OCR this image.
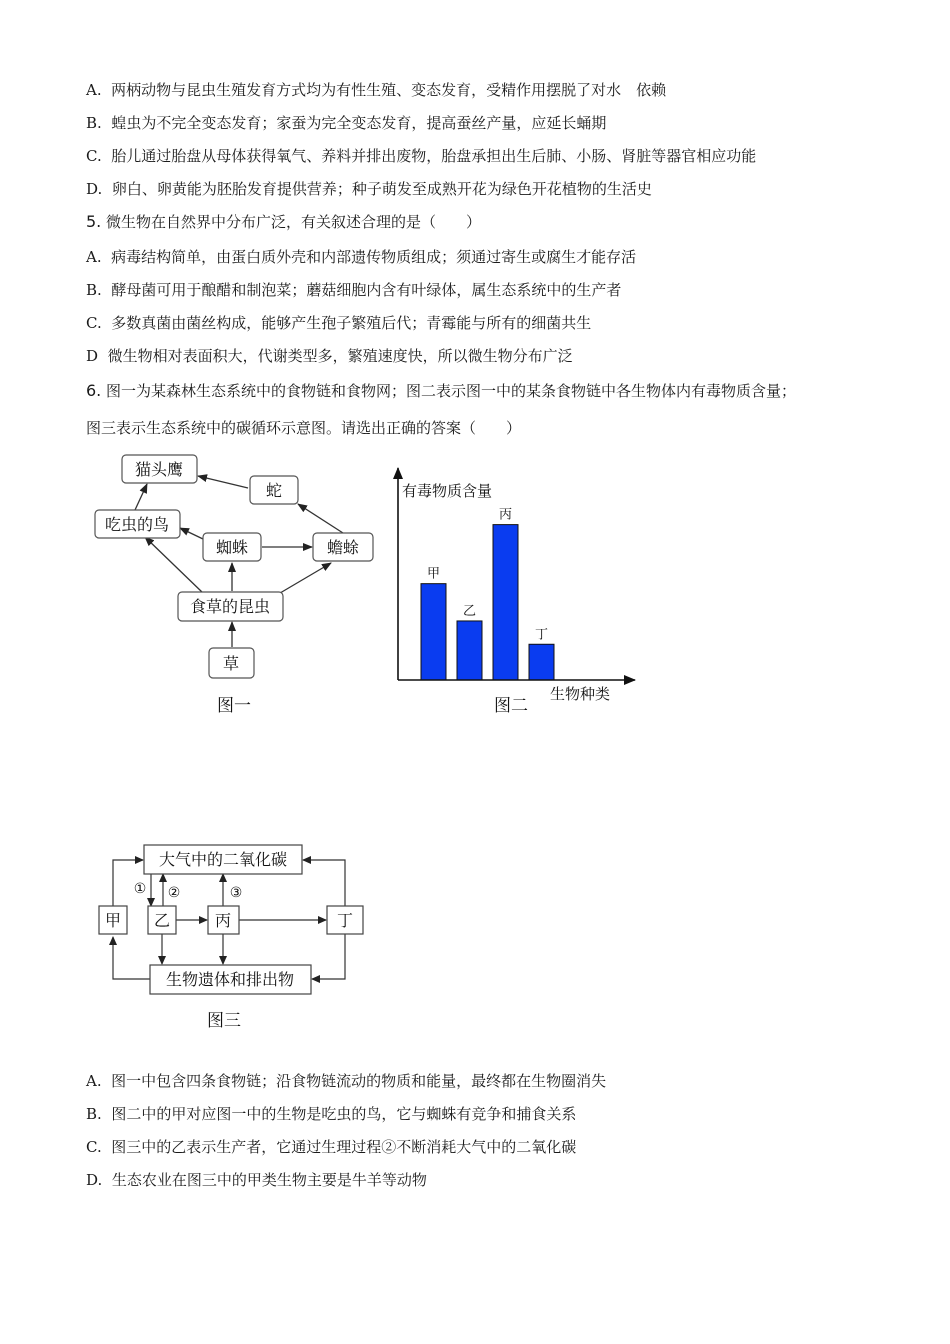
A. 两柄动物与昆虫生殖发育方式均为有性生殖、变态发育，受精作用摆脱了对水　依赖
B. 蝗虫为不完全变态发育；家蚕为完全变态发育，提高蚕丝产量，应延长蛹期
C. 胎儿通过胎盘从母体获得氧气、养料并排出废物，胎盘承担出生后肺、小肠、肾脏等器官相应功能
D. 卵白、卵黄能为胚胎发育提供营养；种子萌发至成熟开花为绿色开花植物的生活史
5. 微生物在自然界中分布广泛，有关叙述合理的是（　　）
A. 病毒结构简单，由蛋白质外壳和内部遗传物质组成；须通过寄生或腐生才能存活
B. 酵母菌可用于酿醋和制泡菜；蘑菇细胞内含有叶绿体，属生态系统中的生产者
C. 多数真菌由菌丝构成，能够产生孢子繁殖后代；青霉能与所有的细菌共生
D 微生物相对表面积大，代谢类型多，繁殖速度快，所以微生物分布广泛
6. 图一为某森林生态系统中的食物链和食物网；图二表示图一中的某条食物链中各生物体内有毒物质含量；
图三表示生态系统中的碳循环示意图。请选出正确的答案（　　）
猫头鹰
蛇
吃虫的鸟
蜘蛛	蟾蜍
食草的昆虫
草
图一
甲
乙
丙
丁
有毒物质含量
生物种类
图二
大气中的二氧化碳
甲 乙	丙	丁
生物遗体和排出物
图三
① ②	③
A. 图一中包含四条食物链；沿食物链流动的物质和能量，最终都在生物圈消失
B. 图二中的甲对应图一中的生物是吃虫的鸟，它与蜘蛛有竞争和捕食关系
C. 图三中的乙表示生产者，它通过生理过程②不断消耗大气中的二氧化碳
D. 生态农业在图三中的甲类生物主要是牛羊等动物
